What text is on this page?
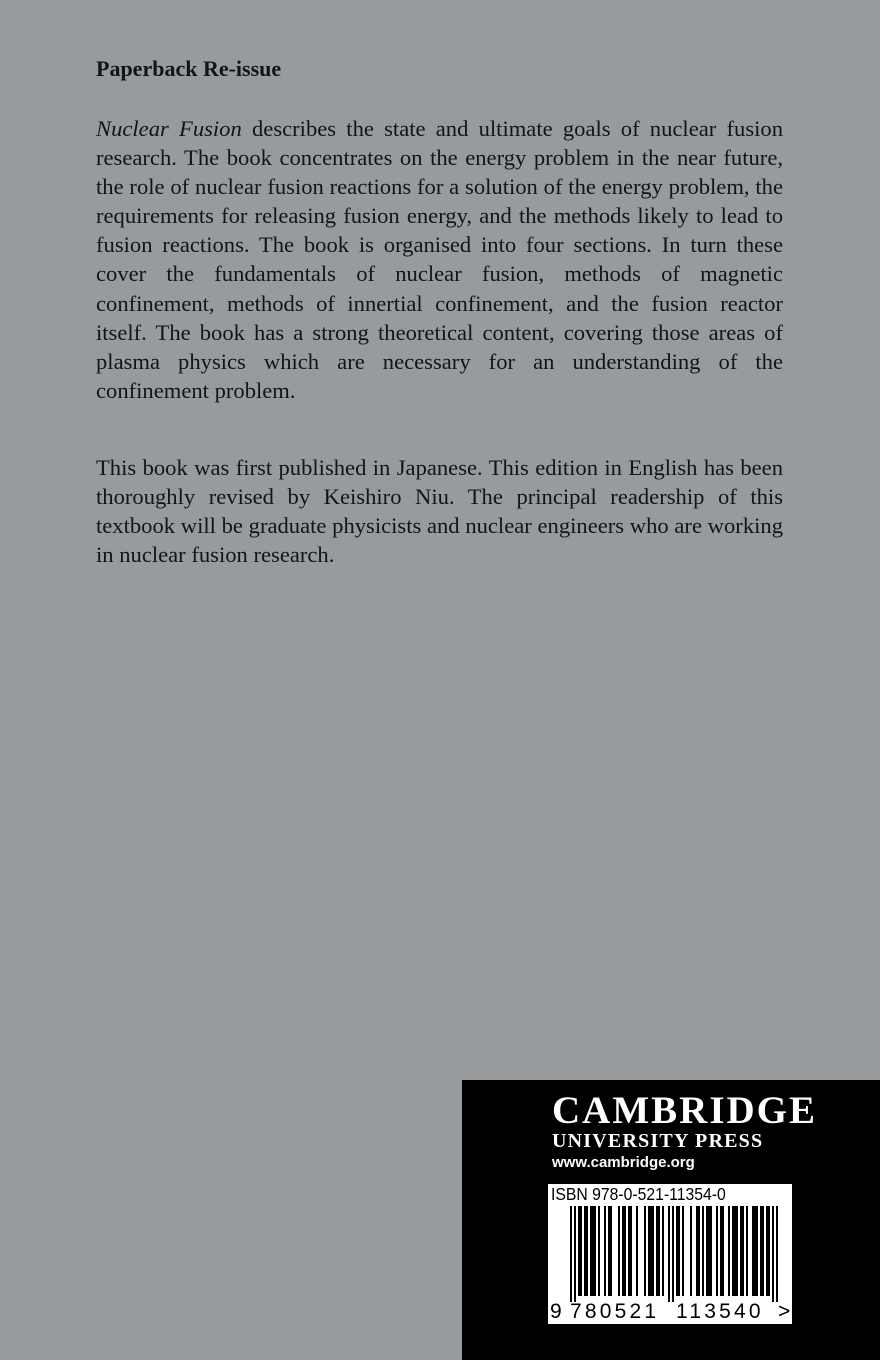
Paperback Re-issue

Nuclear Fusion describes the state and ultimate goals of nuclear fusion research. The book concentrates on the energy problem in the near future, the role of nuclear fusion reactions for a solution of the energy problem, the requirements for releasing fusion energy, and the methods likely to lead to fusion reactions. The book is organised into four sections. In turn these cover the fundamentals of nuclear fusion, methods of magnetic confinement, methods of innertial confinement, and the fusion reactor itself. The book has a strong theoretical content, covering those areas of plasma physics which are necessary for an understanding of the confinement problem.

This book was first published in Japanese. This edition in English has been thoroughly revised by Keishiro Niu. The principal readership of this textbook will be graduate physicists and nuclear engineers who are working in nuclear fusion research.

CAMBRIDGE
UNIVERSITY PRESS
www.cambridge.org
ISBN 978-0-521-11354-0
9 780521 113540 >
